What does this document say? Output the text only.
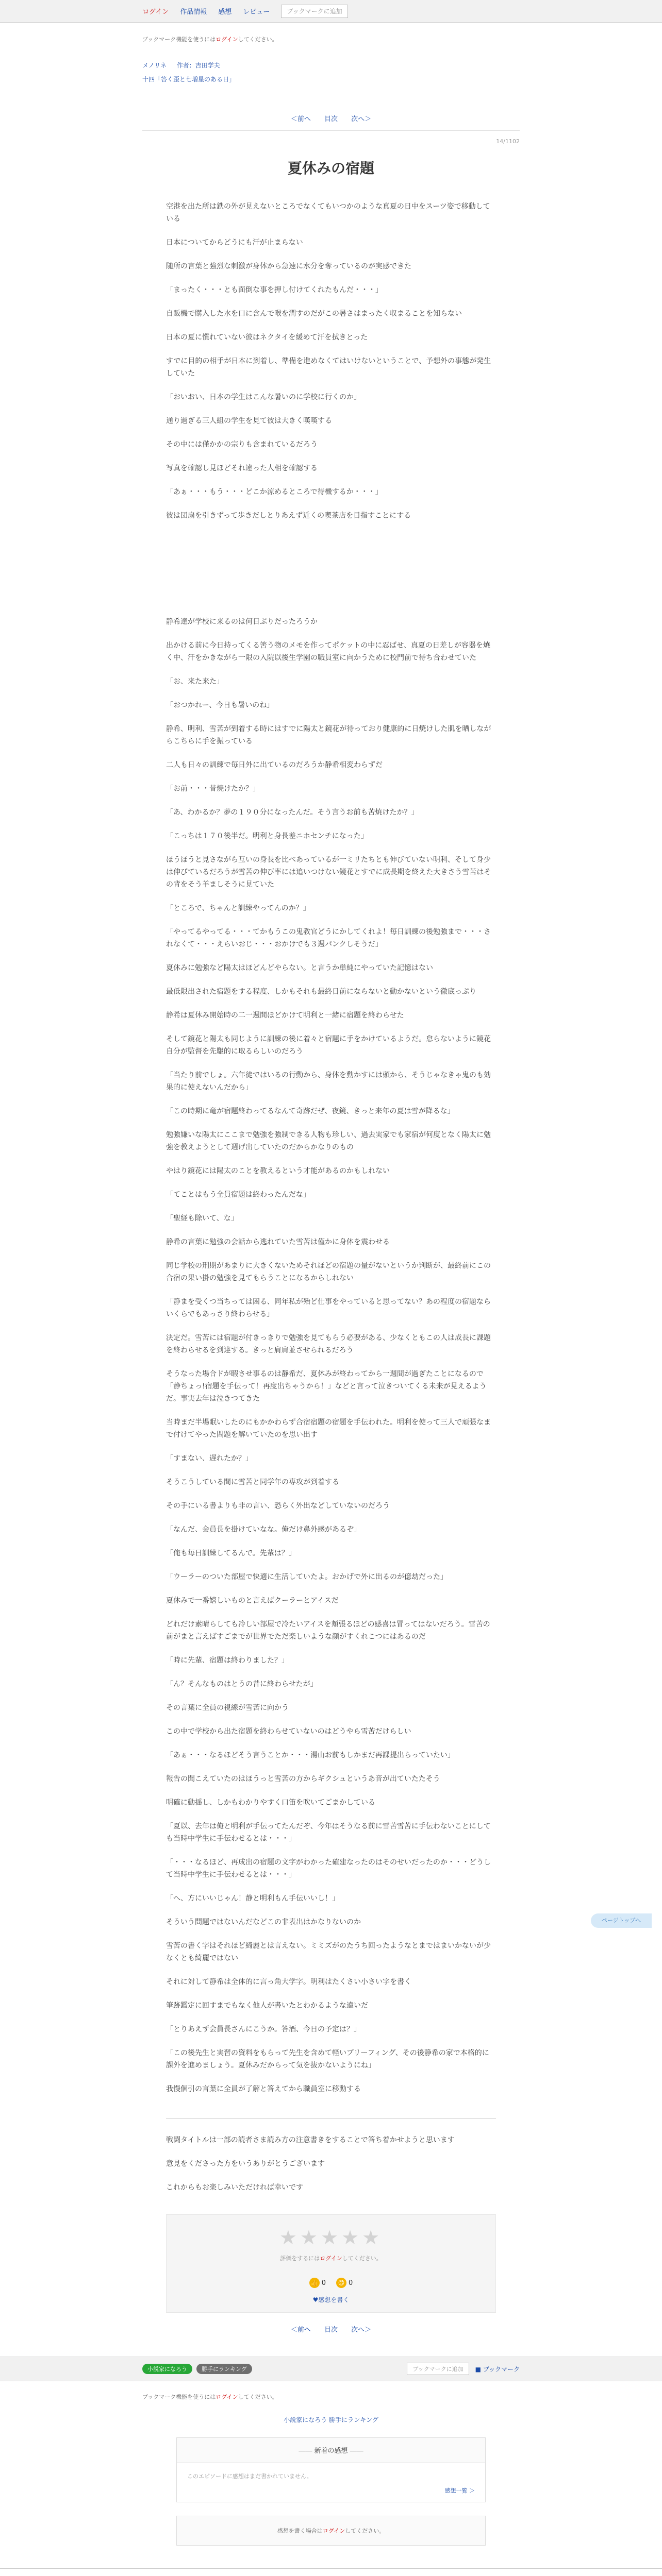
ログイン 作品情報 感想 レビュー	ブックマークに追加
ブックマーク機能を使うにはログインしてください。
メノリネ 作者：吉田学夫
十四「答く歪と七増星のある日」
＜前へ 目次 次へ＞
14/1102
夏休みの宿題

空港を出た所は鉄の外が見えないところでなくてもいつかのような真夏の日中をスーツ姿で移動している

日本についてからどうにも汗が止まらない

随所の言葉と強烈な刺激が身体から急速に水分を奪っているのが実感できた

「まったく・・・とも面倒な事を押し付けてくれたもんだ・・・」

自販機で購入した水を口に含んで喉を潤すのだがこの暑さはまったく収まることを知らない

日本の夏に慣れていない彼はネクタイを緩めて汗を拭きとった

すでに目的の相手が日本に到着し、準備を進めなくてはいけないということで、予想外の事態が発生していた

「おいおい、日本の学生はこんな暑いのに学校に行くのか」

通り過ぎる三人組の学生を見て彼は大きく嘆嘆する

その中には僅かかの宗りも含まれているだろう

写真を確認し見ほどそれ違った人相を確認する

「あぁ・・・もう・・・どこか涼めるところで待機するか・・・」

彼は団扇を引きずって歩きだしとりあえず近くの喫茶店を目指すことにする

静希達が学校に来るのは何日ぶりだったろうか

出かける前に今日持ってくる筈う物のメモを作ってポケットの中に忍ばせ、真夏の日差しが容器を焼く中、汗をかきながら一限の入院以後生学園の職員室に向かうために校門前で待ち合わせていた

「お、来た来た」

「おつかれー、今日も暑いのね」

静希、明利、雪苦が到着する時にはすでに陽太と鏡花が待っており健康的に日焼けした肌を晒しながらこちらに手を振っている

二人も日々の訓練で毎日外に出ているのだろうか静希相変わらずだ

「お前・・・昔焼けたか？」

「あ、わかるか？夢の１９０分になったんだ。そう言うお前も苦焼けたか？」

「こっちは１７０後半だ。明利と身長差ニホセンチになった」

ほうほうと見さながら互いの身長を比べあっているが一ミリたちとも伸びていない明利、そして身少は伸びているだろうが雪苦の伸び率には追いつけない鏡花とすでに成長期を終えた大きさう雪苦はその背をそう羊ましそうに見ていた

「ところで、ちゃんと訓練やってんのか？」

「やってるやってる・・・てかもうこの鬼教官どうにかしてくれよ！毎日訓練の後勉強まで・・・されなくて・・・えらいおじ・・・おかけでも３週パンクしそうだ」

夏休みに勉強など陽太はほどんどやらない。と言うか単純にやっていた記憶はない

最低限出された宿題をする程度、しかもそれも最終日前にならないと動かないという徹底っぷり

静希は夏休み開始時の二一週間ほどかけて明利と一緒に宿題を終わらせた

そして鏡花と陽太も同じように訓練の後に着々と宿題に手をかけているようだ。怠らないように鏡花自分が監督を先駆的に取るらしいのだろう

「当たり前でしょ。六年徒ではいるの行動から、身体を動かすには頭から、そうじゃなきゃ鬼のも効果的に使えないんだから」

「この時期に竜が宿題終わってるなんて奇跡だぜ、夜鏡、きっと来年の夏は雪が降るな」

勉強嫌いな陽太にここまで勉強を強制できる人物も珍しい、過去実家でも家宿が何度となく陽太に勉強を教えようとして週げ出していたのだからかなりのもの

やはり鏡花には陽太のことを教えるという才能があるのかもしれない

「てことはもう全員宿題は終わったんだな」

「聖経も除いて、な」

静希の言葉に勉強の会話から逃れていた雪苦は僅かに身体を震わせる

同じ学校の刑期があまりに大きくないためそれほどの宿題の量がないというか判断が、最終前にこの合宿の果い掛の勉強を見てもらうことになるからしれない

「静まを受くつ当ちっては困る、同年私が殆ど仕事をやっていると思ってない？あの程度の宿題ならいくらでもあっさり終わらせる」

決定だ。雪苦には宿題が付きっきりで勉強を見てもらう必要がある、少なくともこの人は成長に課題を終わらせるを到達する。きっと肩肩並させられるだろう

そうなった場合ドが暇させ事るのは静希だ、夏休みが終わってから一週間が過ぎたことになるので「静ちょっ!宿題を手伝って！再度出ちゃうから！」などと言って泣きついてくる未来が見えるようだ。事実去年は泣きつてきた

当時まだ半場眠いしたのにもかかわらず合宿宿題の宿題を手伝われた。明利を使って三人で頑張なまで付けてやった問題を解いていたのを思い出す

「すまない、遅れたか？」

そうこうしている間に雪苦と同学年の専攻が到着する

その手にいる書よりも非の言い、恐らく外出などしていないのだろう

「なんだ、会員長を掛けていなな。俺だけ鼻外感があるぞ」

「俺も毎日訓練してるんで。先輩は？」

「ウーラーのついた部屋で快適に生活していたよ。おかげで外に出るのが億劫だった」

夏休みで一番嬉しいものと言えばクーラーとアイスだ

どれだけ素晴らしても冷しい部屋で冷たいアイスを頬張るほどの感喜は冒ってはないだろう。雪苦の前がまと言えばすごまでが世界でただ楽しいような顔がすくれこつにはあるのだ

「時に先輩、宿題は終わりました？」

「ん？そんなものはとうの昔に終わらせたが」

その言葉に全員の視線が雪苦に向かう

この中で学校から出た宿題を終わらせていないのはどうやら雪苦だけらしい

「あぁ・・・なるほどそう言うことか・・・湯山お前もしかまだ再課提出らっていたい」

報告の聞こえていたのはほうっと雪苦の方からギクシュというあ音が出ていたたそう

明確に動揺し、しかもわかりやすく口笛を吹いてごまかしている

「夏以、去年は俺と明利が手伝ってたんだぞ、今年はそうなる前に雪苦雪苦に手伝わないことにしても当時中学生に手伝わせるとは・・・」

「・・・なるほど、再成出の宿題の文字がわかった確建なったのはそのせいだったのか・・・どうして当時中学生に手伝わせるとは・・・」

「へ、方にいいじゃん！静と明利もん手伝いいし！」

そういう問題ではないんだなどこの非表出はかなりないのか

雪苦の書く字はそれほど綺麗とは言えない。ミミズがのたうち回ったようなとまではまいかないが少なくとも綺麗ではない

それに対して静希は全体的に言っ角大学字。明利はたくさい小さい字を書く

筆跡鑑定に回すまでもなく他人が書いたとわかるような違いだ

「とりあえず会員長さんにこうか。答酒、今日の予定は？」

「この後先生と実習の資料をもらって先生を含めて軽いブリーフィング、その後静希の家で本格的に課外を進めましょう。夏休みだからって気を抜かないようにね」

我慢個引の言葉に全員が了解と答えてから職員室に移動する

戦闘タイトルは一部の読者さま読み方の注意書きをすることで答ち着かせようと思います

意見をくださった方をいうありがとうございます

これからもお楽しみいただければ幸いです

★★★★★
評価をするにはログインしてください。
👍 0	😊 0
♥感想を書く
＜前へ 目次 次へ＞
小説家になろう	勝手にランキング	ブックマークに追加	■ ブックマーク
ブックマーク機能を使うにはログインしてください。
小説家になろう 勝手にランキング
―― 新着の感想 ――
このエピソードに感想はまだ書かれていません。
感想一覧 ＞
感想を書く場合はログインしてください。
ページトップへ
